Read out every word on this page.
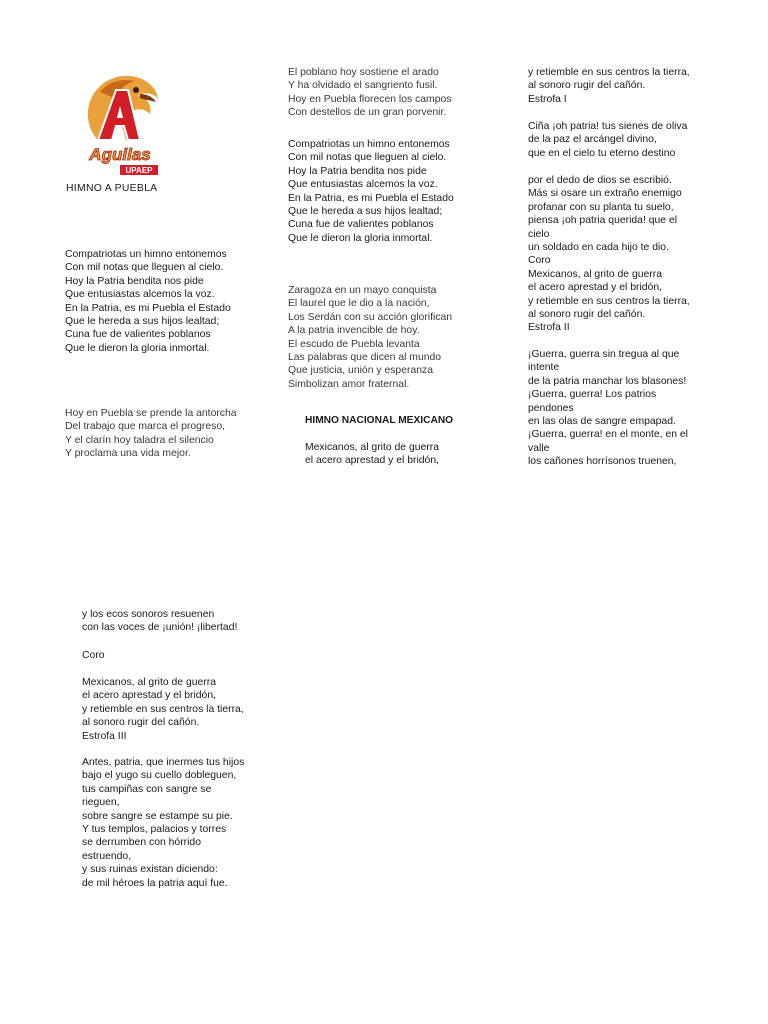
Aguilas
UPAEP
HIMNO A PUEBLA
Compatriotas un himno entonemos
Con mil notas que lleguen al cielo.
Hoy la Patria bendita nos pide
Que entusiastas alcemos la voz.
En la Patria, es mi Puebla el Estado
Que le hereda a sus hijos lealtad;
Cuna fue de valientes poblanos
Que le dieron la gloria inmortal.
Hoy en Puebla se prende la antorcha
Del trabajo que marca el progreso,
Y el clarín hoy taladra el silencio
Y proclama una vida mejor.
El poblano hoy sostiene el arado
Y ha olvidado el sangriento fusil.
Hoy en Puebla florecen los campos
Con destellos de un gran porvenir.
Compatriotas un himno entonemos
Con mil notas que lleguen al cielo.
Hoy la Patria bendita nos pide
Que entusiastas alcemos la voz.
En la Patria, es mi Puebla el Estado
Que le hereda a sus hijos lealtad;
Cuna fue de valientes poblanos
Que le dieron la gloria inmortal.
Zaragoza en un mayo conquista
El laurel que le dio a la nación,
Los Serdán con su acción glorifican
A la patria invencible de hoy.
El escudo de Puebla levanta
Las palabras que dicen al mundo
Que justicia, unión y esperanza
Simbolizan amor fraternal.
HIMNO NACIONAL MEXICANO
Mexicanos, al grito de guerra
el acero aprestad y el bridón,
y retiemble en sus centros la tierra,
al sonoro rugir del cañón.
Estrofa I
Ciña ¡oh patria! tus sienes de oliva
de la paz el arcángel divino,
que en el cielo tu eterno destino
por el dedo de dios se escribió.
Más si osare un extraño enemigo
profanar con su planta tu suelo,
piensa ¡oh patria querida! que el
cielo
un soldado en cada hijo te dio.
Coro
Mexicanos, al grito de guerra
el acero aprestad y el bridón,
y retiemble en sus centros la tierra,
al sonoro rugir del cañón.
Estrofa II
¡Guerra, guerra sin tregua al que
intente
de la patria manchar los blasones!
¡Guerra, guerra! Los patrios
pendones
en las olas de sangre empapad.
¡Guerra, guerra! en el monte, en el
valle
los cañones horrísonos truenen,
y los ecos sonoros resuenen
con las voces de ¡unión! ¡libertad!
Coro
Mexicanos, al grito de guerra
el acero aprestad y el bridón,
y retiemble en sus centros la tierra,
al sonoro rugir del cañón.
Estrofa III
Antes, patria, que inermes tus hijos
bajo el yugo su cuello dobleguen,
tus campiñas con sangre se
rieguen,
sobre sangre se estampe su pie.
Y tus templos, palacios y torres
se derrumben con hórrido
estruendo,
y sus ruinas existan diciendo:
de mil héroes la patria aquí fue.
